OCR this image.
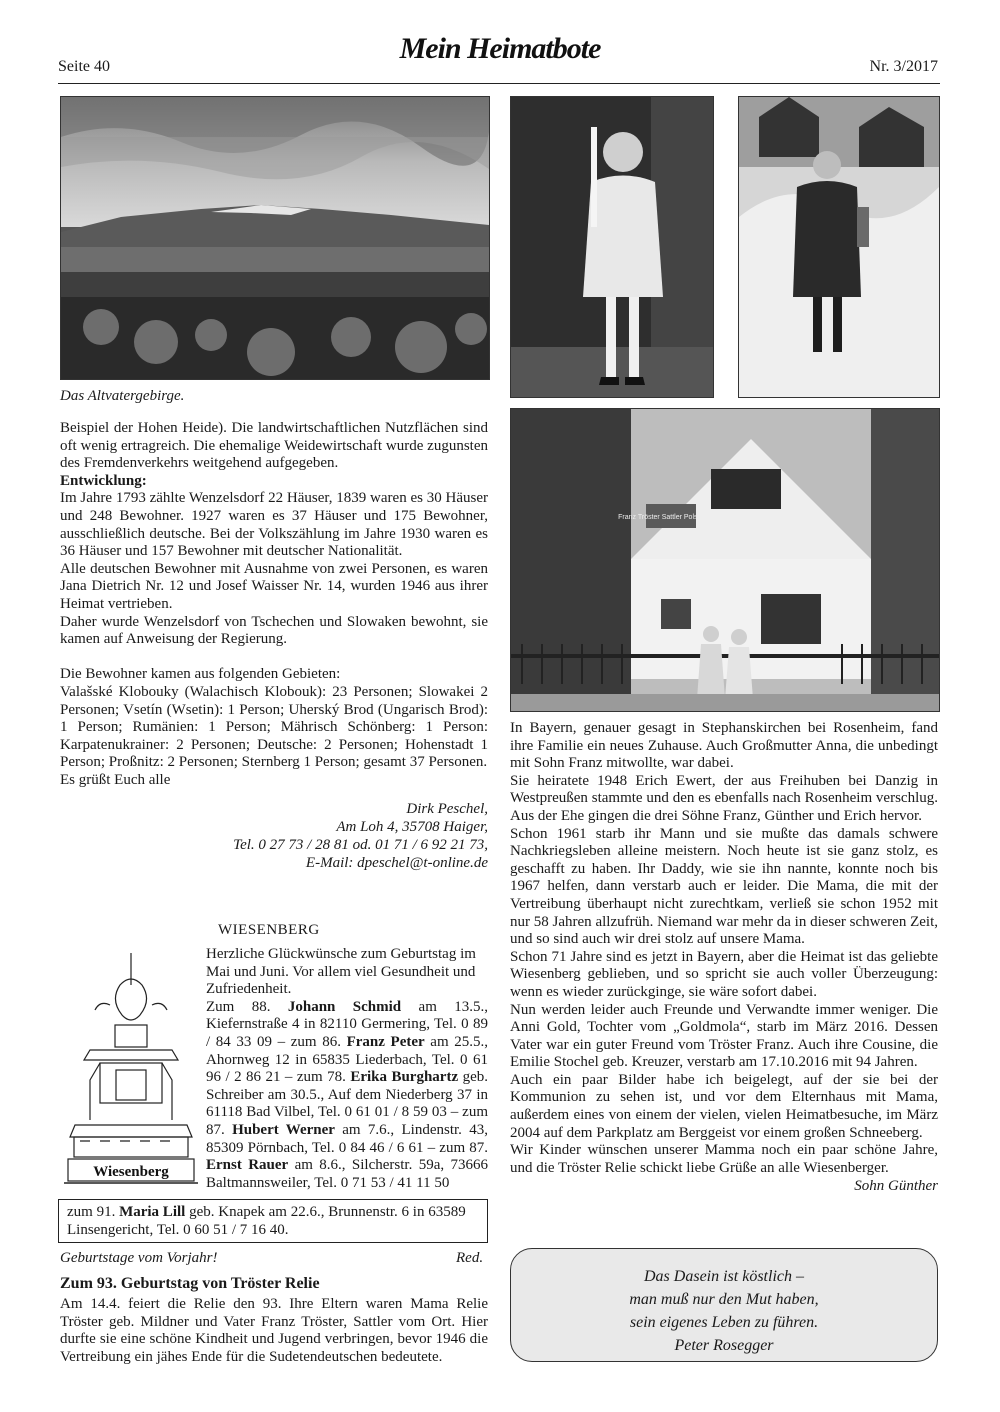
Seite 40
Mein Heimatbote
Nr. 3/2017
Das Altvatergebirge.
Franz Tröster Sattler Polst. Tapez.

Beispiel der Hohen Heide). Die landwirtschaftlichen Nutzflächen sind oft wenig ertragreich. Die ehemalige Weidewirtschaft wurde zugunsten des Fremdenverkehrs weitgehend aufgegeben.

Entwicklung:

Im Jahre 1793 zählte Wenzelsdorf 22 Häuser, 1839 waren es 30 Häuser und 248 Bewohner. 1927 waren es 37 Häuser und 175 Bewohner, ausschließlich deutsche. Bei der Volkszählung im Jahre 1930 waren es 36 Häuser und 157 Bewohner mit deutscher Nationalität.

Alle deutschen Bewohner mit Ausnahme von zwei Personen, es waren Jana Dietrich Nr. 12 und Josef Waisser Nr. 14, wurden 1946 aus ihrer Heimat vertrieben.

Daher wurde Wenzelsdorf von Tschechen und Slowaken bewohnt, sie kamen auf Anweisung der Regierung.

Die Bewohner kamen aus folgenden Gebieten:

Valašské Klobouky (Walachisch Klobouk): 23 Personen; Slowakei 2 Personen; Vsetín (Wsetin): 1 Person; Uherský Brod (Ungarisch Brod): 1 Person; Rumänien: 1 Person; Mährisch Schönberg: 1 Person: Karpatenukrainer: 2 Personen; Deutsche: 2 Personen; Hohenstadt 1 Person; Proßnitz: 2 Personen; Sternberg 1 Person; gesamt 37 Personen.

Es grüßt Euch alle

Dirk Peschel,
Am Loh 4, 35708 Haiger,
Tel. 0 27 73 / 28 81 od. 01 71 / 6 92 21 73,
E-Mail: dpeschel@t-online.de
Wiesenberg
WIESENBERG

Herzliche Glückwünsche zum Geburtstag im Mai und Juni. Vor allem viel Gesundheit und Zufriedenheit.

Zum 88. Johann Schmid am 13.5., Kiefernstraße 4 in 82110 Germering, Tel. 0 89 / 84 33 09 – zum 86. Franz Peter am 25.5., Ahornweg 12 in 65835 Liederbach, Tel. 0 61 96 / 2 86 21 – zum 78. Erika Burghartz geb. Schreiber am 30.5., Auf dem Niederberg 37 in 61118 Bad Vilbel, Tel. 0 61 01 / 8 59 03 – zum 87. Hubert Werner am 7.6., Lindenstr. 43, 85309 Pörnbach, Tel. 0 84 46 / 6 61 – zum 87. Ernst Rauer am 8.6., Silcherstr. 59a, 73666 Baltmannsweiler, Tel. 0 71 53 / 41 11 50

zum 91. Maria Lill geb. Knapek am 22.6., Brunnenstr. 6 in 63589 Linsengericht, Tel. 0 60 51 / 7 16 40.
Geburtstage vom Vorjahr!	Red.
Zum 93. Geburtstag von Tröster Relie

Am 14.4. feiert die Relie den 93. Ihre Eltern waren Mama Relie Tröster geb. Mildner und Vater Franz Tröster, Sattler vom Ort. Hier durfte sie eine schöne Kindheit und Jugend verbringen, bevor 1946 die Vertreibung ein jähes Ende für die Sudetendeutschen bedeutete.

In Bayern, genauer gesagt in Stephanskirchen bei Rosenheim, fand ihre Familie ein neues Zuhause. Auch Großmutter Anna, die unbedingt mit Sohn Franz mitwollte, war dabei.

Sie heiratete 1948 Erich Ewert, der aus Freihuben bei Danzig in Westpreußen stammte und den es ebenfalls nach Rosenheim verschlug. Aus der Ehe gingen die drei Söhne Franz, Günther und Erich hervor.

Schon 1961 starb ihr Mann und sie mußte das damals schwere Nachkriegsleben alleine meistern. Noch heute ist sie ganz stolz, es geschafft zu haben. Ihr Daddy, wie sie ihn nannte, konnte noch bis 1967 helfen, dann verstarb auch er leider. Die Mama, die mit der Vertreibung überhaupt nicht zurechtkam, verließ sie schon 1952 mit nur 58 Jahren allzufrüh. Niemand war mehr da in dieser schweren Zeit, und so sind auch wir drei stolz auf unsere Mama.

Schon 71 Jahre sind es jetzt in Bayern, aber die Heimat ist das geliebte Wiesenberg geblieben, und so spricht sie auch voller Überzeugung: wenn es wieder zurückginge, sie wäre sofort dabei.

Nun werden leider auch Freunde und Verwandte immer weniger. Die Anni Gold, Tochter vom „Goldmola“, starb im März 2016. Dessen Vater war ein guter Freund vom Tröster Franz. Auch ihre Cousine, die Emilie Stochel geb. Kreuzer, verstarb am 17.10.2016 mit 94 Jahren.

Auch ein paar Bilder habe ich beigelegt, auf der sie bei der Kommunion zu sehen ist, und vor dem Elternhaus mit Mama, außerdem eines von einem der vielen, vielen Heimatbesuche, im März 2004 auf dem Parkplatz am Berggeist vor einem großen Schneeberg.

Wir Kinder wünschen unserer Mamma noch ein paar schöne Jahre, und die Tröster Relie schickt liebe Grüße an alle Wiesenberger.

Sohn Günther

Das Dasein ist köstlich –
man muß nur den Mut haben,
sein eigenes Leben zu führen.
Peter Rosegger
